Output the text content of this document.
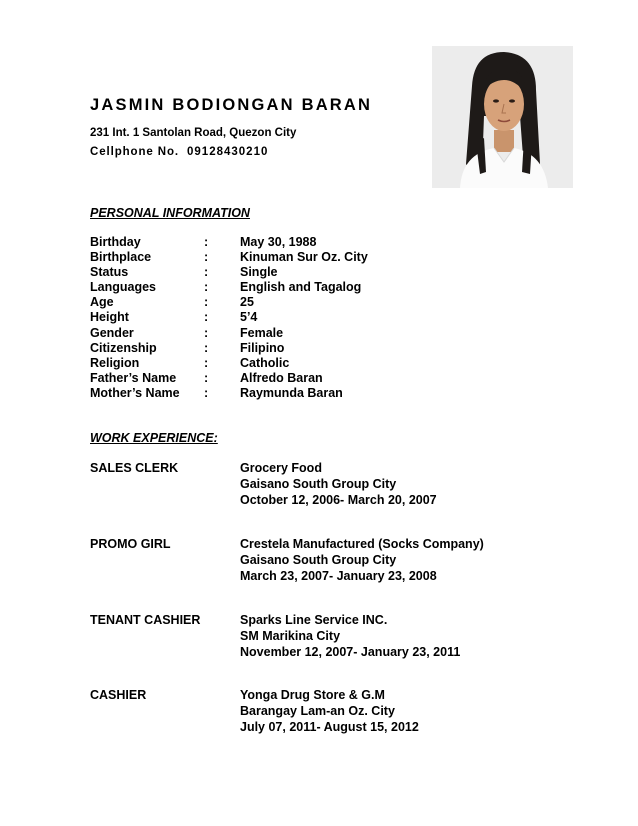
JASMIN BODIONGAN BARAN
231 Int. 1 Santolan Road, Quezon City
Cellphone No. 09128430210
PERSONAL INFORMATION
Birthday	:	May 30, 1988
Birthplace	:	Kinuman Sur Oz. City
Status	:	Single
Languages	:	English and Tagalog
Age	:	25
Height	:	5’4
Gender	:	Female
Citizenship	:	Filipino
Religion	:	Catholic
Father’s Name :	Alfredo Baran
Mother’s Name :	Raymunda Baran
WORK EXPERIENCE:
SALES CLERK	Grocery Food
Gaisano South Group City
October 12, 2006- March 20, 2007
PROMO GIRL	Crestela Manufactured (Socks Company)
Gaisano South Group City
March 23, 2007- January 23, 2008
TENANT CASHIER	Sparks Line Service INC.
SM Marikina City
November 12, 2007- January 23, 2011
CASHIER	Yonga Drug Store & G.M
Barangay Lam-an Oz. City
July 07, 2011- August 15, 2012
